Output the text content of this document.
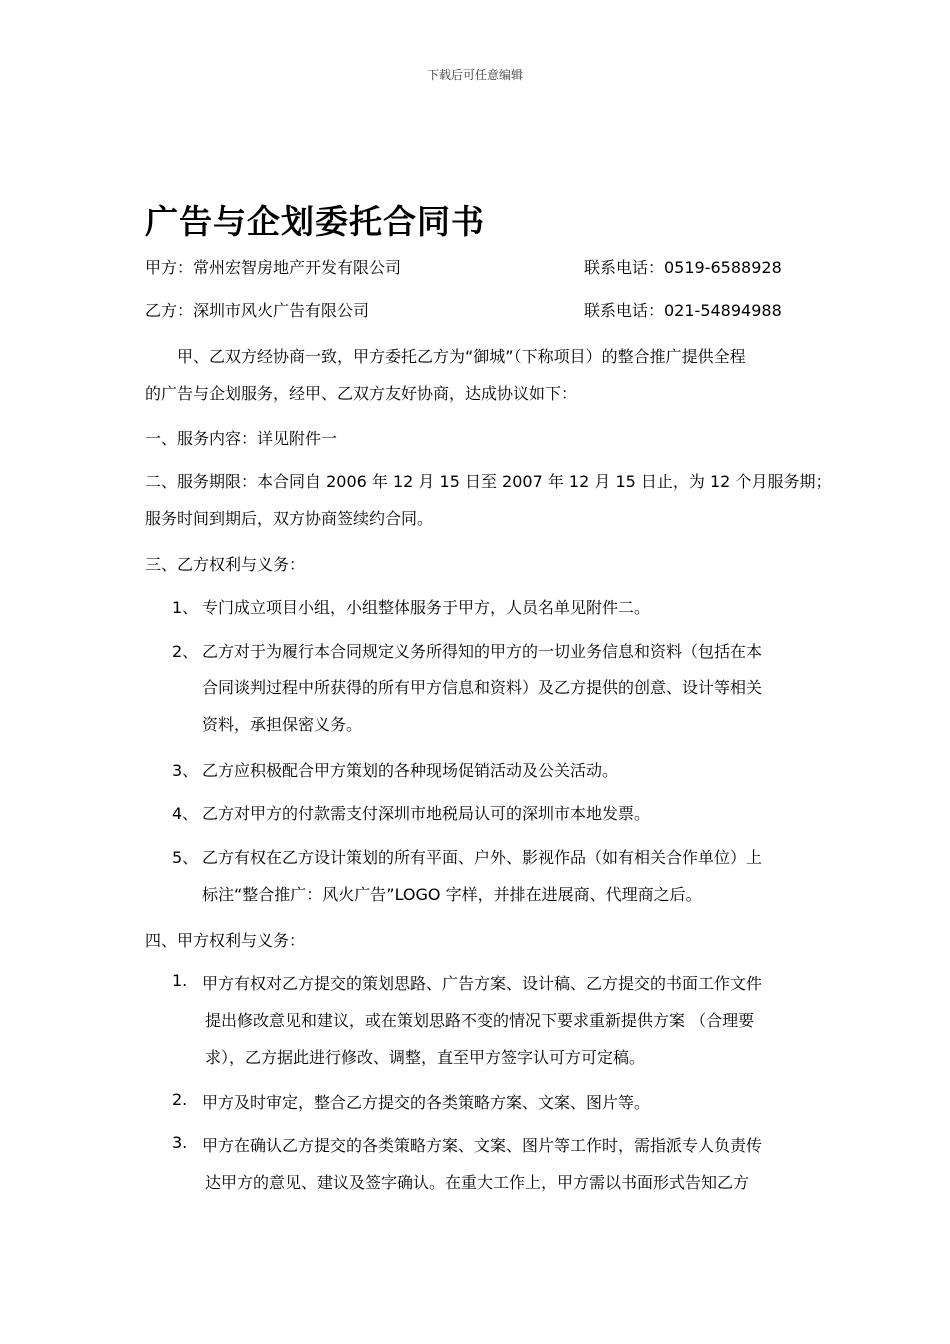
下载后可任意编辑
广告与企划委托合同书
甲方：常州宏智房地产开发有限公司	联系电话：0519-6588928
乙方：深圳市风火广告有限公司	联系电话：021-54894988
甲、乙双方经协商一致，甲方委托乙方为“御城”（下称项目）的整合推广提供全程
的广告与企划服务，经甲、乙双方友好协商，达成协议如下：
一、服务内容：详见附件一
二、服务期限：本合同自 2006 年 12 月 15 日至 2007 年 12 月 15 日止，为 12 个月服务期；
服务时间到期后，双方协商签续约合同。
三、乙方权利与义务：
1、 专门成立项目小组，小组整体服务于甲方，人员名单见附件二。
2、 乙方对于为履行本合同规定义务所得知的甲方的一切业务信息和资料（包括在本
合同谈判过程中所获得的所有甲方信息和资料）及乙方提供的创意、设计等相关
资料，承担保密义务。
3、 乙方应积极配合甲方策划的各种现场促销活动及公关活动。
4、 乙方对甲方的付款需支付深圳市地税局认可的深圳市本地发票。
5、 乙方有权在乙方设计策划的所有平面、户外、影视作品（如有相关合作单位）上
标注“整合推广：风火广告”LOGO 字样，并排在进展商、代理商之后。
四、甲方权利与义务：
1. 甲方有权对乙方提交的策划思路、广告方案、设计稿、乙方提交的书面工作文件
提出修改意见和建议，或在策划思路不变的情况下要求重新提供方案 （合理要
求），乙方据此进行修改、调整，直至甲方签字认可方可定稿。
2. 甲方及时审定，整合乙方提交的各类策略方案、文案、图片等。
3. 甲方在确认乙方提交的各类策略方案、文案、图片等工作时，需指派专人负责传
达甲方的意见、建议及签字确认。在重大工作上，甲方需以书面形式告知乙方
